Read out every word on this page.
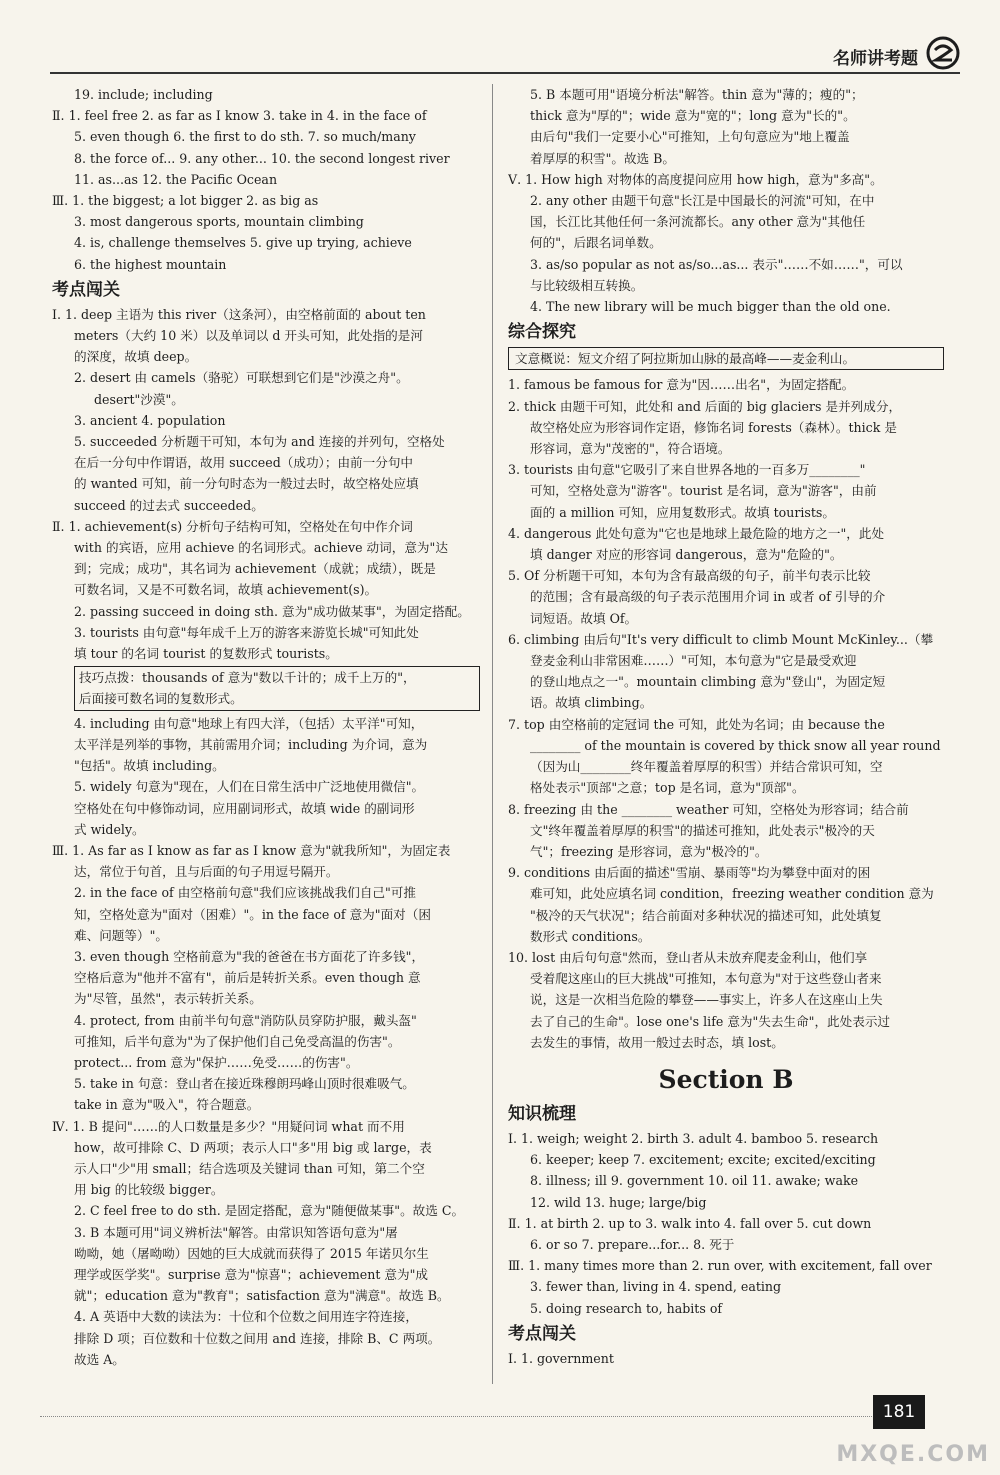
名师讲考题
19. include; including
Ⅱ. 1. feel free 2. as far as I know 3. take in 4. in the face of
5. even though 6. the first to do sth. 7. so much/many
8. the force of... 9. any other... 10. the second longest river
11. as...as 12. the Pacific Ocean
Ⅲ. 1. the biggest; a lot bigger 2. as big as
3. most dangerous sports, mountain climbing
4. is, challenge themselves 5. give up trying, achieve
6. the highest mountain
考点闯关
Ⅰ. 1. deep 主语为 this river（这条河），由空格前面的 about ten
meters（大约 10 米）以及单词以 d 开头可知，此处指的是河
的深度，故填 deep。
2. desert 由 camels（骆驼）可联想到它们是"沙漠之舟"。
desert"沙漠"。
3. ancient 4. population
5. succeeded 分析题干可知，本句为 and 连接的并列句，空格处
在后一分句中作谓语，故用 succeed（成功）；由前一分句中
的 wanted 可知，前一分句时态为一般过去时，故空格处应填
succeed 的过去式 succeeded。
Ⅱ. 1. achievement(s) 分析句子结构可知，空格处在句中作介词
with 的宾语，应用 achieve 的名词形式。achieve 动词，意为"达
到；完成；成功"，其名词为 achievement（成就；成绩），既是
可数名词，又是不可数名词，故填 achievement(s)。
2. passing succeed in doing sth. 意为"成功做某事"，为固定搭配。
3. tourists 由句意"每年成千上万的游客来游览长城"可知此处
填 tour 的名词 tourist 的复数形式 tourists。
技巧点拨：thousands of 意为"数以千计的；成千上万的"，
后面接可数名词的复数形式。
4. including 由句意"地球上有四大洋，（包括）太平洋"可知，
太平洋是列举的事物，其前需用介词；including 为介词，意为
"包括"。故填 including。
5. widely 句意为"现在，人们在日常生活中广泛地使用微信"。
空格处在句中修饰动词，应用副词形式，故填 wide 的副词形
式 widely。
Ⅲ. 1. As far as I know as far as I know 意为"就我所知"，为固定表
达，常位于句首，且与后面的句子用逗号隔开。
2. in the face of 由空格前句意"我们应该挑战我们自己"可推
知，空格处意为"面对（困难）"。in the face of 意为"面对（困
难、问题等）"。
3. even though 空格前意为"我的爸爸在书方面花了许多钱"，
空格后意为"他并不富有"，前后是转折关系。even though 意
为"尽管，虽然"，表示转折关系。
4. protect, from 由前半句句意"消防队员穿防护服，戴头盔"
可推知，后半句意为"为了保护他们自己免受高温的伤害"。
protect... from 意为"保护……免受……的伤害"。
5. take in 句意：登山者在接近珠穆朗玛峰山顶时很难吸气。
take in 意为"吸入"，符合题意。
Ⅳ. 1. B 提问"……的人口数量是多少？"用疑问词 what 而不用
how，故可排除 C、D 两项；表示人口"多"用 big 或 large，表
示人口"少"用 small；结合选项及关键词 than 可知，第二个空
用 big 的比较级 bigger。
2. C feel free to do sth. 是固定搭配，意为"随便做某事"。故选 C。
3. B 本题可用"词义辨析法"解答。由常识知答语句意为"屠
呦呦，她（屠呦呦）因她的巨大成就而获得了 2015 年诺贝尔生
理学或医学奖"。surprise 意为"惊喜"；achievement 意为"成
就"；education 意为"教育"；satisfaction 意为"满意"。故选 B。
4. A 英语中大数的读法为：十位和个位数之间用连字符连接，
排除 D 项；百位数和十位数之间用 and 连接，排除 B、C 两项。
故选 A。
5. B 本题可用"语境分析法"解答。thin 意为"薄的；瘦的"；
thick 意为"厚的"；wide 意为"宽的"；long 意为"长的"。
由后句"我们一定要小心"可推知，上句句意应为"地上覆盖
着厚厚的积雪"。故选 B。
Ⅴ. 1. How high 对物体的高度提问应用 how high，意为"多高"。
2. any other 由题干句意"长江是中国最长的河流"可知，在中
国，长江比其他任何一条河流都长。any other 意为"其他任
何的"，后跟名词单数。
3. as/so popular as not as/so...as... 表示"……不如……"，可以
与比较级相互转换。
4. The new library will be much bigger than the old one.
综合探究
文意概说：短文介绍了阿拉斯加山脉的最高峰——麦金利山。
1. famous be famous for 意为"因……出名"，为固定搭配。
2. thick 由题干可知，此处和 and 后面的 big glaciers 是并列成分，
故空格处应为形容词作定语，修饰名词 forests（森林）。thick 是
形容词，意为"茂密的"，符合语境。
3. tourists 由句意"它吸引了来自世界各地的一百多万________"
可知，空格处意为"游客"。tourist 是名词，意为"游客"，由前
面的 a million 可知，应用复数形式。故填 tourists。
4. dangerous 此处句意为"它也是地球上最危险的地方之一"，此处
填 danger 对应的形容词 dangerous，意为"危险的"。
5. Of 分析题干可知，本句为含有最高级的句子，前半句表示比较
的范围；含有最高级的句子表示范围用介词 in 或者 of 引导的介
词短语。故填 Of。
6. climbing 由后句"It's very difficult to climb Mount McKinley...（攀
登麦金利山非常困难……）"可知，本句意为"它是最受欢迎
的登山地点之一"。mountain climbing 意为"登山"，为固定短
语。故填 climbing。
7. top 由空格前的定冠词 the 可知，此处为名词；由 because the
________ of the mountain is covered by thick snow all year round
（因为山________终年覆盖着厚厚的积雪）并结合常识可知，空
格处表示"顶部"之意；top 是名词，意为"顶部"。
8. freezing 由 the ________ weather 可知，空格处为形容词；结合前
文"终年覆盖着厚厚的积雪"的描述可推知，此处表示"极冷的天
气"；freezing 是形容词，意为"极冷的"。
9. conditions 由后面的描述"雪崩、暴雨等"均为攀登中面对的困
难可知，此处应填名词 condition，freezing weather condition 意为
"极冷的天气状况"；结合前面对多种状况的描述可知，此处填复
数形式 conditions。
10. lost 由后句句意"然而，登山者从未放弃爬麦金利山，他们享
受着爬这座山的巨大挑战"可推知，本句意为"对于这些登山者来
说，这是一次相当危险的攀登——事实上，许多人在这座山上失
去了自己的生命"。lose one's life 意为"失去生命"，此处表示过
去发生的事情，故用一般过去时态，填 lost。
Section B
知识梳理
Ⅰ. 1. weigh; weight 2. birth 3. adult 4. bamboo 5. research
6. keeper; keep 7. excitement; excite; excited/exciting
8. illness; ill 9. government 10. oil 11. awake; wake
12. wild 13. huge; large/big
Ⅱ. 1. at birth 2. up to 3. walk into 4. fall over 5. cut down
6. or so 7. prepare...for... 8. 死于
Ⅲ. 1. many times more than 2. run over, with excitement, fall over
3. fewer than, living in 4. spend, eating
5. doing research to, habits of
考点闯关
Ⅰ. 1. government
181
MXQE.COM
